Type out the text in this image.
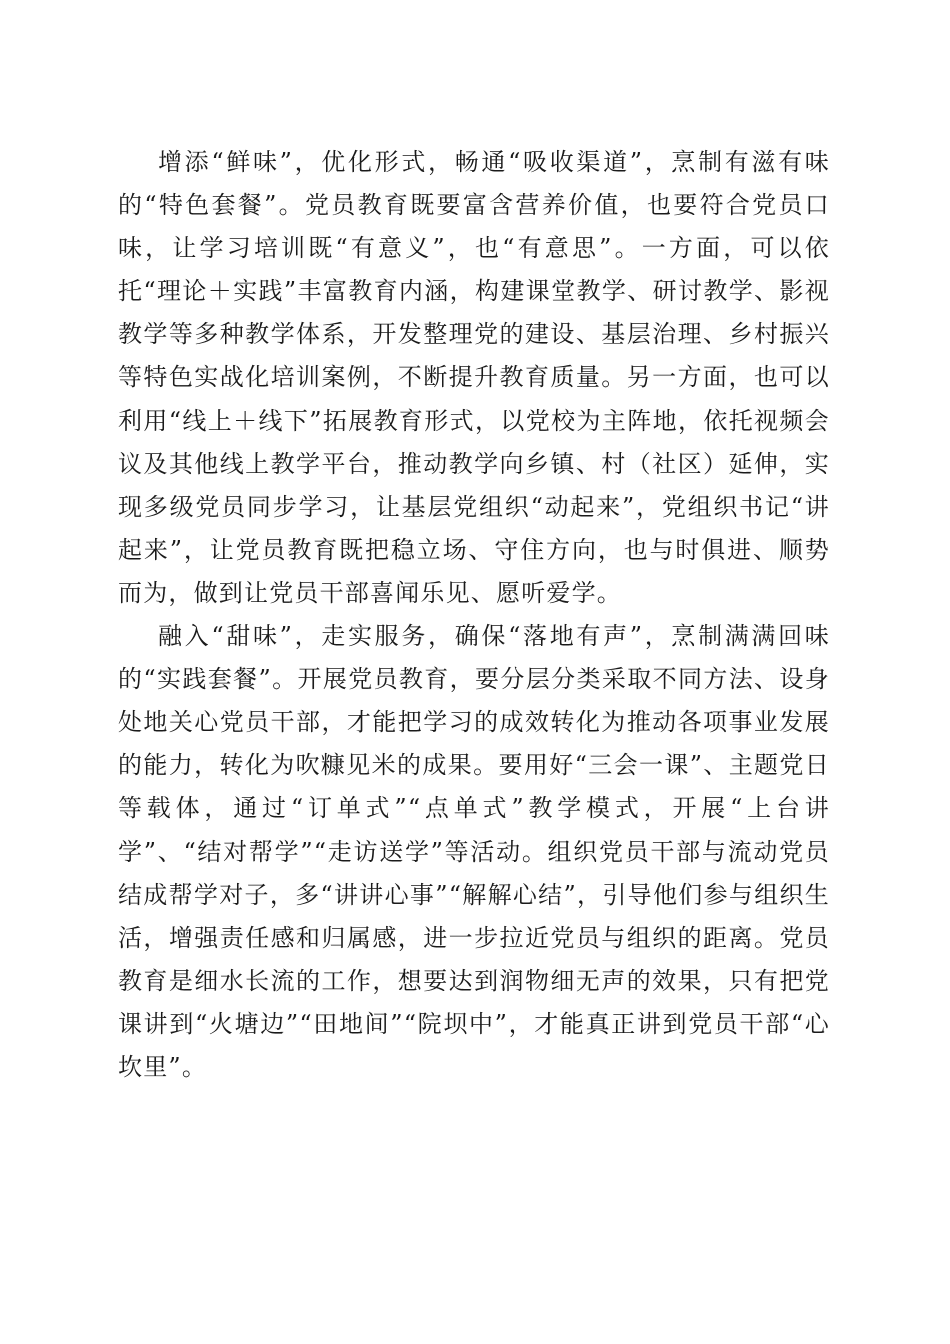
增添“鲜味”，优化形式，畅通“吸收渠道”，烹制有滋有味的“特色套餐”。党员教育既要富含营养价值，也要符合党员口味，让学习培训既“有意义”，也“有意思”。一方面，可以依托“理论＋实践”丰富教育内涵，构建课堂教学、研讨教学、影视教学等多种教学体系，开发整理党的建设、基层治理、乡村振兴等特色实战化培训案例，不断提升教育质量。另一方面，也可以利用“线上＋线下”拓展教育形式，以党校为主阵地，依托视频会议及其他线上教学平台，推动教学向乡镇、村（社区）延伸，实现多级党员同步学习，让基层党组织“动起来”，党组织书记“讲起来”，让党员教育既把稳立场、守住方向，也与时俱进、顺势而为，做到让党员干部喜闻乐见、愿听爱学。

融入“甜味”，走实服务，确保“落地有声”，烹制满满回味的“实践套餐”。开展党员教育，要分层分类采取不同方法、设身处地关心党员干部，才能把学习的成效转化为推动各项事业发展的能力，转化为吹糠见米的成果。要用好“三会一课”、主题党日等载体，通过“订单式”“点单式”教学模式，开展“上台讲学”、“结对帮学”“走访送学”等活动。组织党员干部与流动党员结成帮学对子，多“讲讲心事”“解解心结”，引导他们参与组织生活，增强责任感和归属感，进一步拉近党员与组织的距离。党员教育是细水长流的工作，想要达到润物细无声的效果，只有把党课讲到“火塘边”“田地间”“院坝中”，才能真正讲到党员干部“心坎里”。
